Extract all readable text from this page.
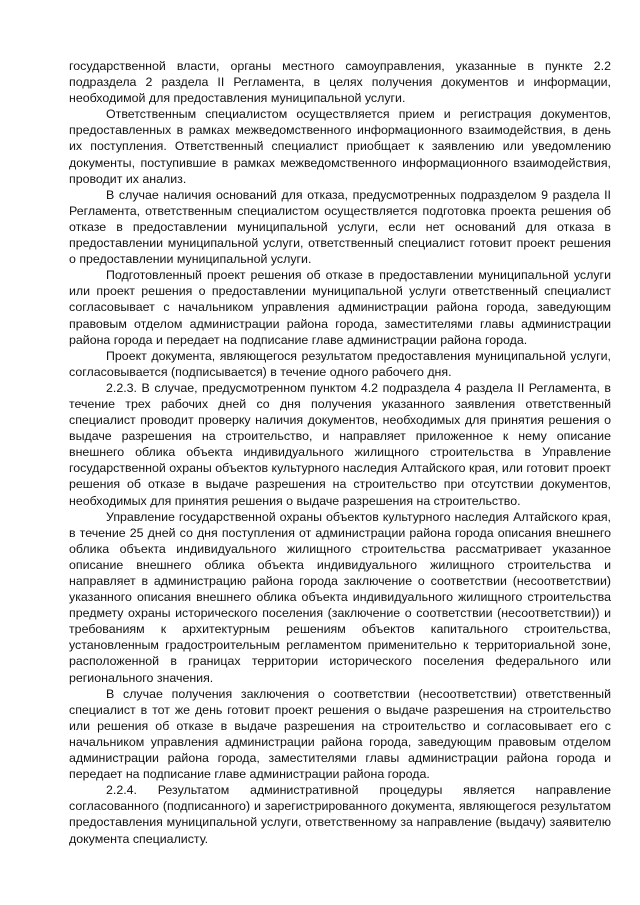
государственной власти, органы местного самоуправления, указанные в пункте 2.2 подраздела 2 раздела II Регламента, в целях получения документов и информации, необходимой для предоставления муниципальной услуги.

Ответственным специалистом осуществляется прием и регистрация документов, предоставленных в рамках межведомственного информационного взаимодействия, в день их поступления. Ответственный специалист приобщает к заявлению или уведомлению документы, поступившие в рамках межведомственного информационного взаимодействия, проводит их анализ.

В случае наличия оснований для отказа, предусмотренных подразделом 9 раздела II Регламента, ответственным специалистом осуществляется подготовка проекта решения об отказе в предоставлении муниципальной услуги, если нет оснований для отказа в предоставлении муниципальной услуги, ответственный специалист готовит проект решения о предоставлении муниципальной услуги.

Подготовленный проект решения об отказе в предоставлении муниципальной услуги или проект решения о предоставлении муниципальной услуги ответственный специалист согласовывает с начальником управления администрации района города, заведующим правовым отделом администрации района города, заместителями главы администрации района города и передает на подписание главе администрации района города.

Проект документа, являющегося результатом предоставления муниципальной услуги, согласовывается (подписывается) в течение одного рабочего дня.

2.2.3. В случае, предусмотренном пунктом 4.2 подраздела 4 раздела II Регламента, в течение трех рабочих дней со дня получения указанного заявления ответственный специалист проводит проверку наличия документов, необходимых для принятия решения о выдаче разрешения на строительство, и направляет приложенное к нему описание внешнего облика объекта индивидуального жилищного строительства в Управление государственной охраны объектов культурного наследия Алтайского края, или готовит проект решения об отказе в выдаче разрешения на строительство при отсутствии документов, необходимых для принятия решения о выдаче разрешения на строительство.

Управление государственной охраны объектов культурного наследия Алтайского края, в течение 25 дней со дня поступления от администрации района города описания внешнего облика объекта индивидуального жилищного строительства рассматривает указанное описание внешнего облика объекта индивидуального жилищного строительства и направляет в администрацию района города заключение о соответствии (несоответствии) указанного описания внешнего облика объекта индивидуального жилищного строительства предмету охраны исторического поселения (заключение о соответствии (несоответствии)) и требованиям к архитектурным решениям объектов капитального строительства, установленным градостроительным регламентом применительно к территориальной зоне, расположенной в границах территории исторического поселения федерального или регионального значения.

В случае получения заключения о соответствии (несоответствии) ответственный специалист в тот же день готовит проект решения о выдаче разрешения на строительство или решения об отказе в выдаче разрешения на строительство и согласовывает его с начальником управления администрации района города, заведующим правовым отделом администрации района города, заместителями главы администрации района города и передает на подписание главе администрации района города.

2.2.4. Результатом административной процедуры является направление согласованного (подписанного) и зарегистрированного документа, являющегося результатом предоставления муниципальной услуги, ответственному за направление (выдачу) заявителю документа специалисту.
